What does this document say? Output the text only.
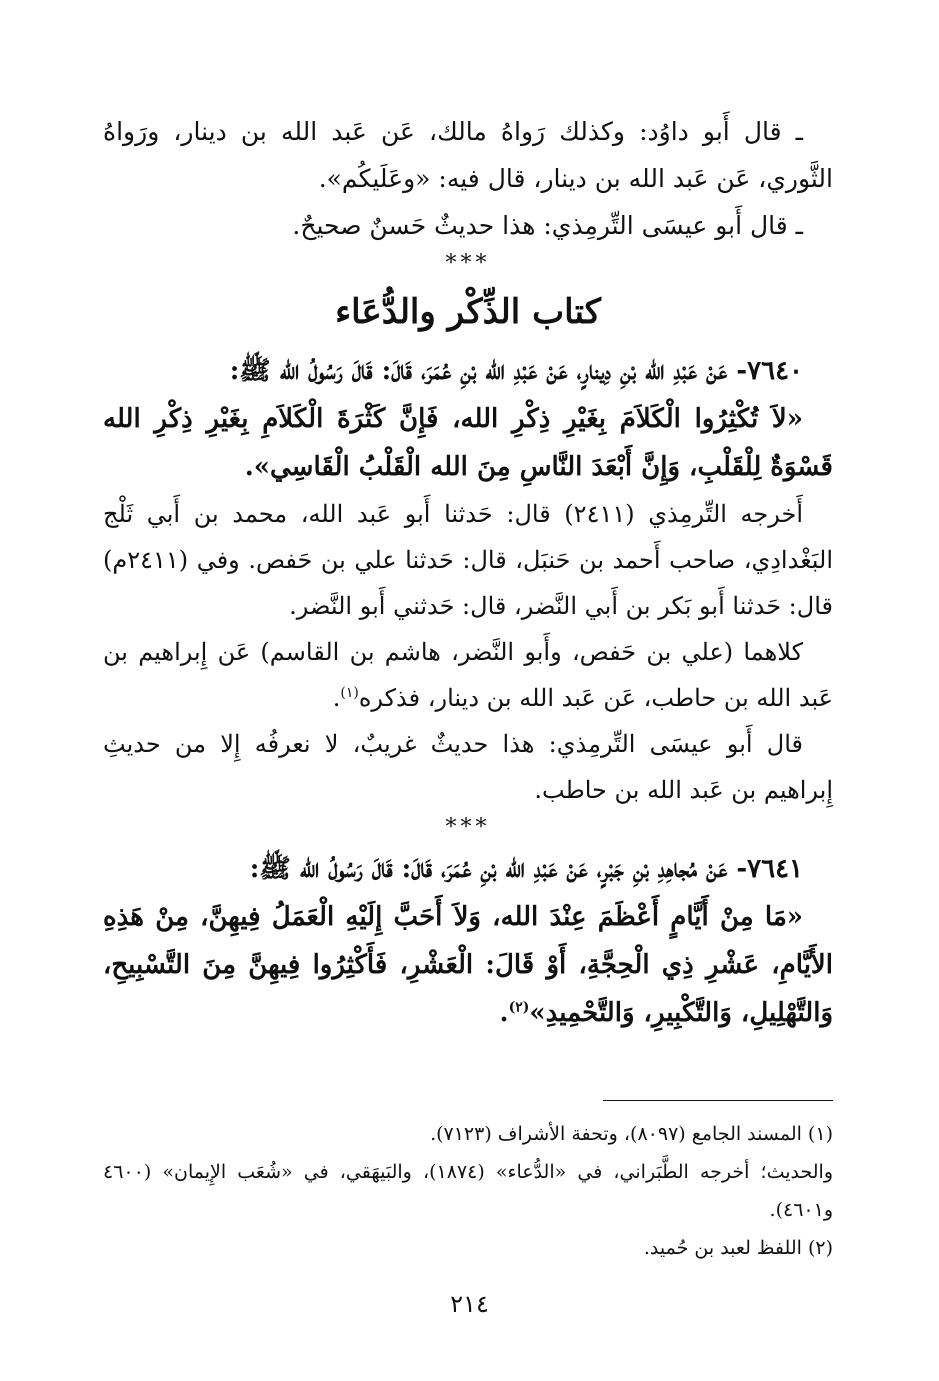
ـ قال أَبو داوُد: وكذلك رَواهُ مالك، عَن عَبد الله بن دينار، ورَواهُ الثَّوري، عَن عَبد الله بن دينار، قال فيه: «وعَلَيكُم».

ـ قال أَبو عيسَى التِّرمِذي: هذا حديثٌ حَسنٌ صحيحٌ.

***
كتاب الذِّكْر والدُّعَاء

٧٦٤٠- عَنْ عَبْدِ الله بْنِ دِينارٍ، عَنْ عَبْدِ الله بْنِ عُمَرَ، قَالَ: قَالَ رَسُولُ الله ﷺ:

«لاَ تُكْثِرُوا الْكَلاَمَ بِغَيْرِ ذِكْرِ الله، فَإِنَّ كَثْرَةَ الْكَلاَمِ بِغَيْرِ ذِكْرِ الله قَسْوَةٌ لِلْقَلْبِ، وَإِنَّ أَبْعَدَ النَّاسِ مِنَ الله الْقَلْبُ الْقَاسِي».

أَخرجه التِّرمِذي (٢٤١١) قال: حَدثنا أَبو عَبد الله، محمد بن أَبي ثَلْج البَغْدادِي، صاحب أَحمد بن حَنبَل، قال: حَدثنا علي بن حَفص. وفي (٢٤١١م) قال: حَدثنا أَبو بَكر بن أَبي النَّضر، قال: حَدثني أَبو النَّضر.

كلاهما (علي بن حَفص، وأَبو النَّضر، هاشم بن القاسم) عَن إِبراهيم بن عَبد الله بن حاطب، عَن عَبد الله بن دينار، فذكره$^{(١)}$.

قال أَبو عيسَى التِّرمِذي: هذا حديثٌ غريبٌ، لا نعرفُه إِلا من حديثِ إِبراهيم بن عَبد الله بن حاطب.

***

٧٦٤١- عَنْ مُجاهِدِ بْنِ جَبْرٍ، عَنْ عَبْدِ الله بْنِ عُمَرَ، قَالَ: قَالَ رَسُولُ الله ﷺ:

«مَا مِنْ أَيَّامٍ أَعْظَمَ عِنْدَ الله، وَلاَ أَحَبَّ إِلَيْهِ الْعَمَلُ فِيهِنَّ، مِنْ هَذِهِ الأَيَّامِ، عَشْرِ ذِي الْحِجَّةِ، أَوْ قَالَ: الْعَشْرِ، فَأَكْثِرُوا فِيهِنَّ مِنَ التَّسْبِيحِ، وَالتَّهْلِيلِ، وَالتَّكْبِيرِ، وَالتَّحْمِيدِ»$^{(٢)}$.

(١) المسند الجامع (٨٠٩٧)، وتحفة الأشراف (٧١٢٣).

والحديث؛ أخرجه الطَّبَراني، في «الدُّعاء» (١٨٧٤)، والبَيهَقي، في «شُعَب الإِيمان» (٤٦٠٠ و٤٦٠١).

(٢) اللفظ لعبد بن حُميد.

٢١٤
